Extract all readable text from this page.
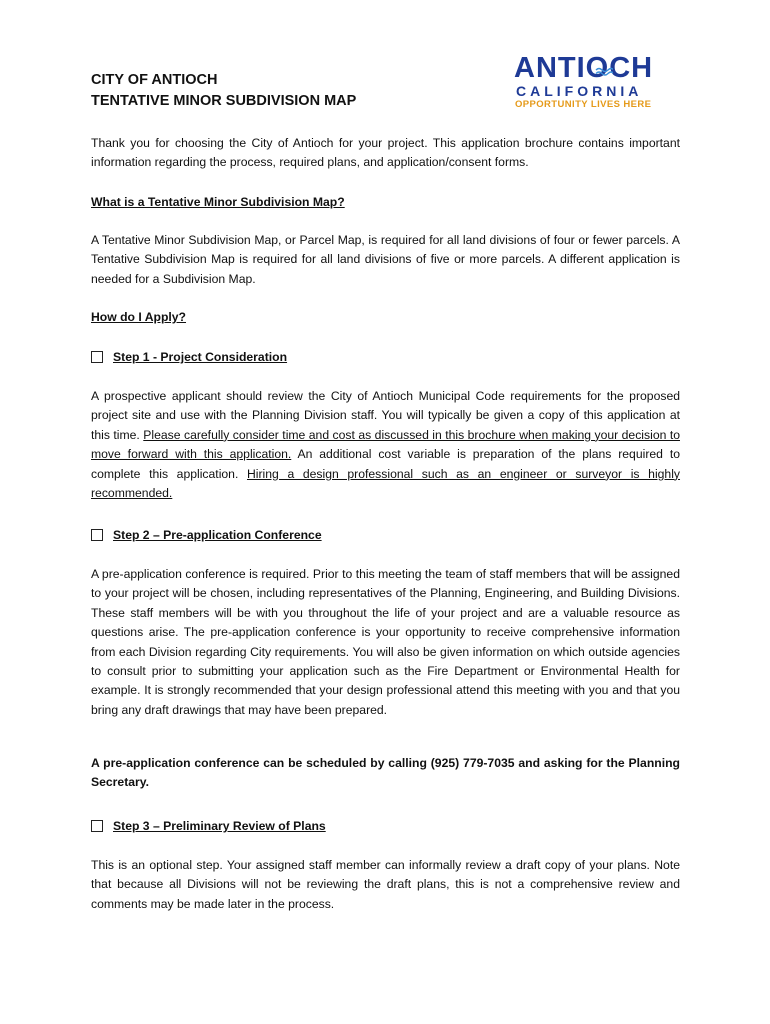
CITY OF ANTIOCH
TENTATIVE MINOR SUBDIVISION MAP
ANTIOCH
CALIFORNIA
OPPORTUNITY LIVES HERE
Thank you for choosing the City of Antioch for your project. This application brochure contains important information regarding the process, required plans, and application/consent forms.
What is a Tentative Minor Subdivision Map?
A Tentative Minor Subdivision Map, or Parcel Map, is required for all land divisions of four or fewer parcels. A Tentative Subdivision Map is required for all land divisions of five or more parcels. A different application is needed for a Subdivision Map.
How do I Apply?
Step 1 - Project Consideration
A prospective applicant should review the City of Antioch Municipal Code requirements for the proposed project site and use with the Planning Division staff. You will typically be given a copy of this application at this time. Please carefully consider time and cost as discussed in this brochure when making your decision to move forward with this application. An additional cost variable is preparation of the plans required to complete this application. Hiring a design professional such as an engineer or surveyor is highly recommended.
Step 2 – Pre-application Conference
A pre-application conference is required. Prior to this meeting the team of staff members that will be assigned to your project will be chosen, including representatives of the Planning, Engineering, and Building Divisions. These staff members will be with you throughout the life of your project and are a valuable resource as questions arise. The pre-application conference is your opportunity to receive comprehensive information from each Division regarding City requirements. You will also be given information on which outside agencies to consult prior to submitting your application such as the Fire Department or Environmental Health for example. It is strongly recommended that your design professional attend this meeting with you and that you bring any draft drawings that may have been prepared.
A pre-application conference can be scheduled by calling (925) 779-7035 and asking for the Planning Secretary.
Step 3 – Preliminary Review of Plans
This is an optional step. Your assigned staff member can informally review a draft copy of your plans. Note that because all Divisions will not be reviewing the draft plans, this is not a comprehensive review and comments may be made later in the process.
